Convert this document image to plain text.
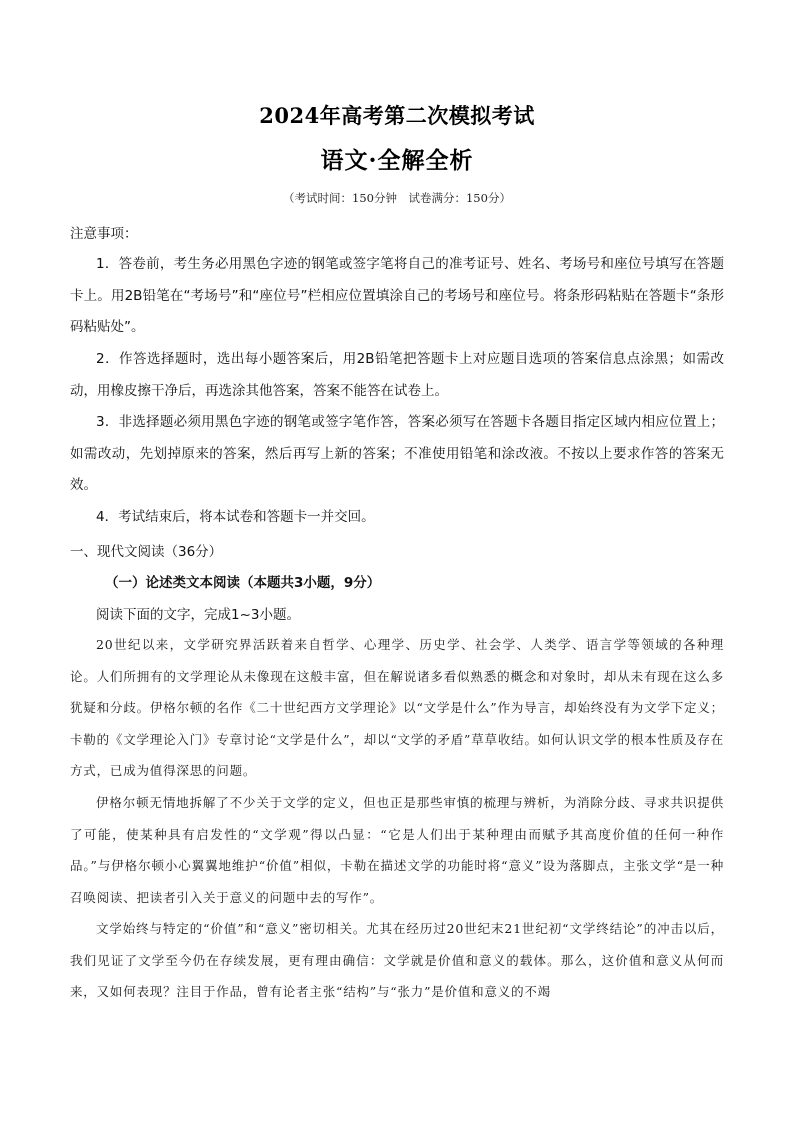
2024年高考第二次模拟考试
语文·全解全析
（考试时间：150分钟　试卷满分：150分）
注意事项：

1．答卷前，考生务必用黑色字迹的钢笔或签字笔将自己的准考证号、姓名、考场号和座位号填写在答题卡上。用2B铅笔在“考场号”和“座位号”栏相应位置填涂自己的考场号和座位号。将条形码粘贴在答题卡“条形码粘贴处”。

2．作答选择题时，选出每小题答案后，用2B铅笔把答题卡上对应题目选项的答案信息点涂黑；如需改动，用橡皮擦干净后，再选涂其他答案，答案不能答在试卷上。

3．非选择题必须用黑色字迹的钢笔或签字笔作答，答案必须写在答题卡各题目指定区域内相应位置上；如需改动，先划掉原来的答案，然后再写上新的答案；不准使用铅笔和涂改液。不按以上要求作答的答案无效。

4．考试结束后，将本试卷和答题卡一并交回。

一、现代文阅读（36分）
（一）论述类文本阅读（本题共3小题，9分）
阅读下面的文字，完成1~3小题。

20世纪以来，文学研究界活跃着来自哲学、心理学、历史学、社会学、人类学、语言学等领域的各种理论。人们所拥有的文学理论从未像现在这般丰富，但在解说诸多看似熟悉的概念和对象时，却从未有现在这么多犹疑和分歧。伊格尔顿的名作《二十世纪西方文学理论》以“文学是什么”作为导言，却始终没有为文学下定义；卡勒的《文学理论入门》专章讨论“文学是什么”，却以“文学的矛盾”草草收结。如何认识文学的根本性质及存在方式，已成为值得深思的问题。

伊格尔顿无情地拆解了不少关于文学的定义，但也正是那些审慎的梳理与辨析，为消除分歧、寻求共识提供了可能，使某种具有启发性的“文学观”得以凸显：“它是人们出于某种理由而赋予其高度价值的任何一种作品。”与伊格尔顿小心翼翼地维护“价值”相似，卡勒在描述文学的功能时将“意义”设为落脚点，主张文学“是一种召唤阅读、把读者引入关于意义的问题中去的写作”。

文学始终与特定的“价值”和“意义”密切相关。尤其在经历过20世纪末21世纪初“文学终结论”的冲击以后，我们见证了文学至今仍在存续发展，更有理由确信：文学就是价值和意义的载体。那么，这价值和意义从何而来，又如何表现？注目于作品，曾有论者主张“结构”与“张力”是价值和意义的不竭
